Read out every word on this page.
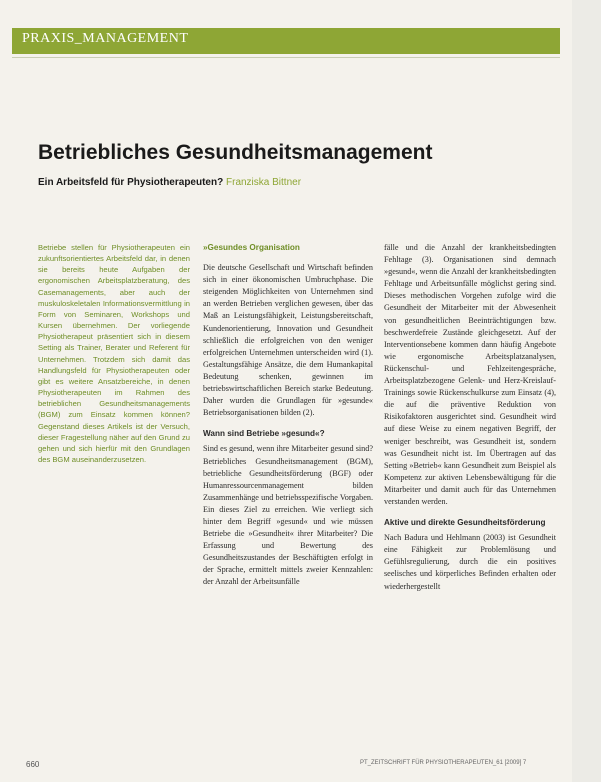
PRAXIS_MANAGEMENT
Betriebliches Gesundheitsmanagement
Ein Arbeitsfeld für Physiotherapeuten? Franziska Bittner

Betriebe stellen für Physiotherapeuten ein zukunftsorientiertes Arbeitsfeld dar, in denen sie bereits heute Aufgaben der ergonomischen Arbeitsplatzberatung, des Casemanagements, aber auch der muskuloskeletalen Informationsvermittlung in Form von Seminaren, Workshops und Kursen übernehmen. Der vorliegende Physiotherapeut präsentiert sich in diesem Setting als Trainer, Berater und Referent für Unternehmen. Trotzdem sich damit das Handlungsfeld für Physiotherapeuten oder gibt es weitere Ansatzbereiche, in denen Physiotherapeuten im Rahmen des betrieblichen Gesundheitsmanagements (BGM) zum Einsatz kommen können? Gegenstand dieses Artikels ist der Versuch, dieser Fragestellung näher auf den Grund zu gehen und sich hierfür mit den Grundlagen des BGM auseinanderzusetzen.

»Gesundes Organisation

Die deutsche Gesellschaft und Wirtschaft befinden sich in einer ökonomischen Umbruchphase. Die steigenden Möglichkeiten von Unternehmen sind an werden Betrieben verglichen gewesen, über das Maß an Leistungsfähigkeit, Leistungsbereitschaft, Kundenorientierung, Innovation und Gesundheit schließlich die erfolgreichen von den weniger erfolgreichen Unternehmen unterscheiden wird (1). Gestaltungsfähige Ansätze, die dem Humankapital Bedeutung schenken, gewinnen im betriebswirtschaftlichen Bereich starke Bedeutung. Daher wurden die Grundlagen für »gesunde« Betriebsorganisationen bilden (2).

Wann sind Betriebe »gesund«?

Sind es gesund, wenn ihre Mitarbeiter gesund sind? Betriebliches Gesundheitsmanagement (BGM), betriebliche Gesundheitsförderung (BGF) oder Humanressourcenmanagement bilden Zusammenhänge und betriebsspezifische Vorgaben. Ein dieses Ziel zu erreichen. Wie verliegt sich hinter dem Begriff »gesund« und wie müssen Betriebe die »Gesundheit« ihrer Mitarbeiter? Die Erfassung und Bewertung des Gesundheitszustandes der Beschäftigten erfolgt in der Sprache, ermittelt mittels zweier Kennzahlen: der Anzahl der Arbeitsunfälle

fälle und die Anzahl der krankheitsbedingten Fehltage (3). Organisationen sind demnach »gesund«, wenn die Anzahl der krankheitsbedingten Fehltage und Arbeitsunfälle möglichst gering sind. Dieses methodischen Vorgehen zufolge wird die Gesundheit der Mitarbeiter mit der Abwesenheit von gesundheitlichen Beeinträchtigungen bzw. beschwerdefreie Zustände gleichgesetzt. Auf der Interventionsebene kommen dann häufig Angebote wie ergonomische Arbeitsplatzanalysen, Rückenschul- und Fehlzeitengespräche, Arbeitsplatzbezogene Gelenk- und Herz-Kreislauf-Trainings sowie Rückenschulkurse zum Einsatz (4), die auf die präventive Reduktion von Risikofaktoren ausgerichtet sind. Gesundheit wird auf diese Weise zu einem negativen Begriff, der weniger beschreibt, was Gesundheit ist, sondern was Gesundheit nicht ist. Im Übertragen auf das Setting »Betrieb« kann Gesundheit zum Beispiel als Kompetenz zur aktiven Lebensbewältigung für die Mitarbeiter und damit auch für das Unternehmen verstanden werden.

Aktive und direkte Gesundheitsförderung

Nach Badura und Hehlmann (2003) ist Gesundheit eine Fähigkeit zur Problemlösung und Gefühlsregulierung, durch die ein positives seelisches und körperliches Befinden erhalten oder wiederhergestellt

660	PT_ZEITSCHRIFT FÜR PHYSIOTHERAPEUTEN_61 [2009] 7
